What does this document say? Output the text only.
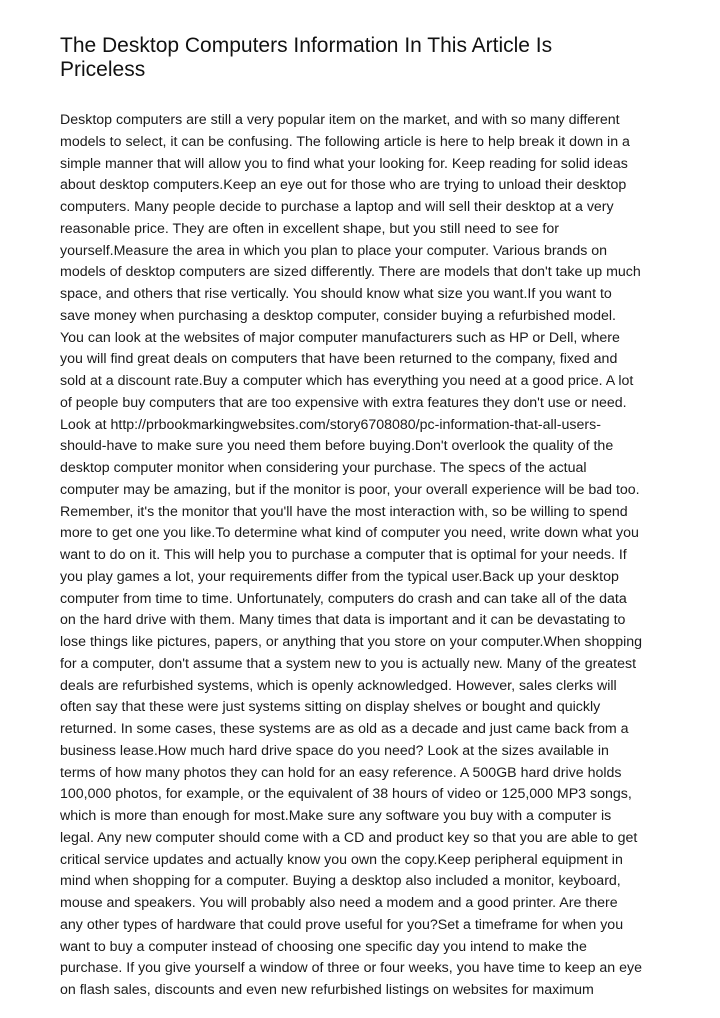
The Desktop Computers Information In This Article Is
Priceless
Desktop computers are still a very popular item on the market, and with so many different
models to select, it can be confusing. The following article is here to help break it down in a
simple manner that will allow you to find what your looking for. Keep reading for solid ideas
about desktop computers.Keep an eye out for those who are trying to unload their desktop
computers. Many people decide to purchase a laptop and will sell their desktop at a very
reasonable price. They are often in excellent shape, but you still need to see for
yourself.Measure the area in which you plan to place your computer. Various brands on
models of desktop computers are sized differently. There are models that don't take up much
space, and others that rise vertically. You should know what size you want.If you want to
save money when purchasing a desktop computer, consider buying a refurbished model.
You can look at the websites of major computer manufacturers such as HP or Dell, where
you will find great deals on computers that have been returned to the company, fixed and
sold at a discount rate.Buy a computer which has everything you need at a good price. A lot
of people buy computers that are too expensive with extra features they don't use or need.
Look at http://prbookmarkingwebsites.com/story6708080/pc-information-that-all-users-
should-have to make sure you need them before buying.Don't overlook the quality of the
desktop computer monitor when considering your purchase. The specs of the actual
computer may be amazing, but if the monitor is poor, your overall experience will be bad too.
Remember, it's the monitor that you'll have the most interaction with, so be willing to spend
more to get one you like.To determine what kind of computer you need, write down what you
want to do on it. This will help you to purchase a computer that is optimal for your needs. If
you play games a lot, your requirements differ from the typical user.Back up your desktop
computer from time to time. Unfortunately, computers do crash and can take all of the data
on the hard drive with them. Many times that data is important and it can be devastating to
lose things like pictures, papers, or anything that you store on your computer.When shopping
for a computer, don't assume that a system new to you is actually new. Many of the greatest
deals are refurbished systems, which is openly acknowledged. However, sales clerks will
often say that these were just systems sitting on display shelves or bought and quickly
returned. In some cases, these systems are as old as a decade and just came back from a
business lease.How much hard drive space do you need? Look at the sizes available in
terms of how many photos they can hold for an easy reference. A 500GB hard drive holds
100,000 photos, for example, or the equivalent of 38 hours of video or 125,000 MP3 songs,
which is more than enough for most.Make sure any software you buy with a computer is
legal. Any new computer should come with a CD and product key so that you are able to get
critical service updates and actually know you own the copy.Keep peripheral equipment in
mind when shopping for a computer. Buying a desktop also included a monitor, keyboard,
mouse and speakers. You will probably also need a modem and a good printer. Are there
any other types of hardware that could prove useful for you?Set a timeframe for when you
want to buy a computer instead of choosing one specific day you intend to make the
purchase. If you give yourself a window of three or four weeks, you have time to keep an eye
on flash sales, discounts and even new refurbished listings on websites for maximum
